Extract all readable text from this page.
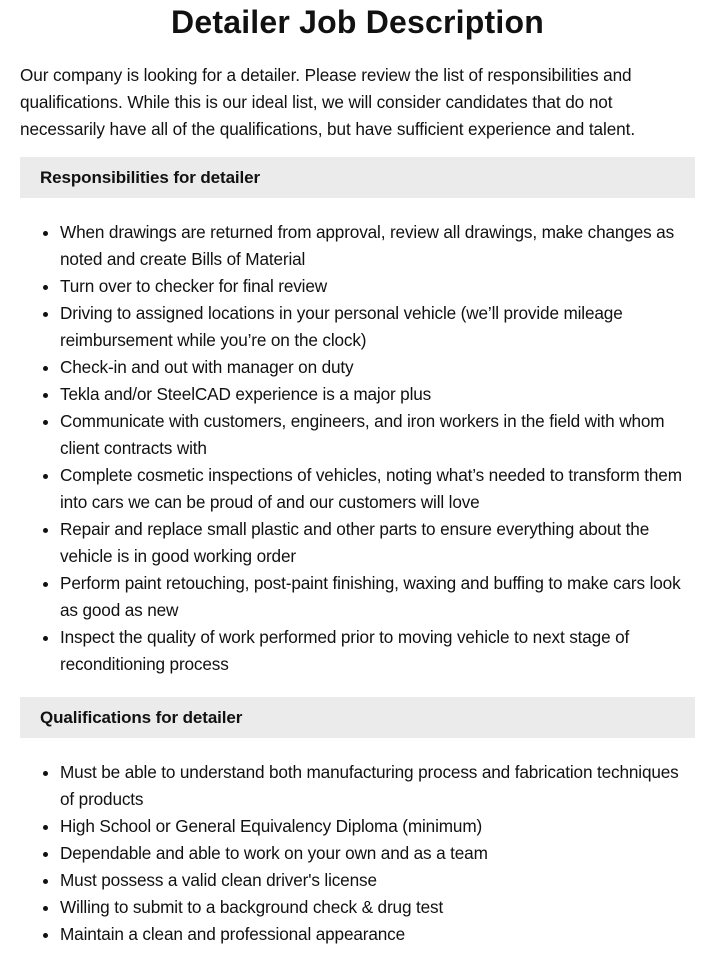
Detailer Job Description

Our company is looking for a detailer. Please review the list of responsibilities and qualifications. While this is our ideal list, we will consider candidates that do not necessarily have all of the qualifications, but have sufficient experience and talent.

Responsibilities for detailer
When drawings are returned from approval, review all drawings, make changes as noted and create Bills of Material
Turn over to checker for final review
Driving to assigned locations in your personal vehicle (we’ll provide mileage reimbursement while you’re on the clock)
Check-in and out with manager on duty
Tekla and/or SteelCAD experience is a major plus
Communicate with customers, engineers, and iron workers in the field with whom client contracts with
Complete cosmetic inspections of vehicles, noting what’s needed to transform them into cars we can be proud of and our customers will love
Repair and replace small plastic and other parts to ensure everything about the vehicle is in good working order
Perform paint retouching, post-paint finishing, waxing and buffing to make cars look as good as new
Inspect the quality of work performed prior to moving vehicle to next stage of reconditioning process
Qualifications for detailer
Must be able to understand both manufacturing process and fabrication techniques of products
High School or General Equivalency Diploma (minimum)
Dependable and able to work on your own and as a team
Must possess a valid clean driver's license
Willing to submit to a background check & drug test
Maintain a clean and professional appearance
